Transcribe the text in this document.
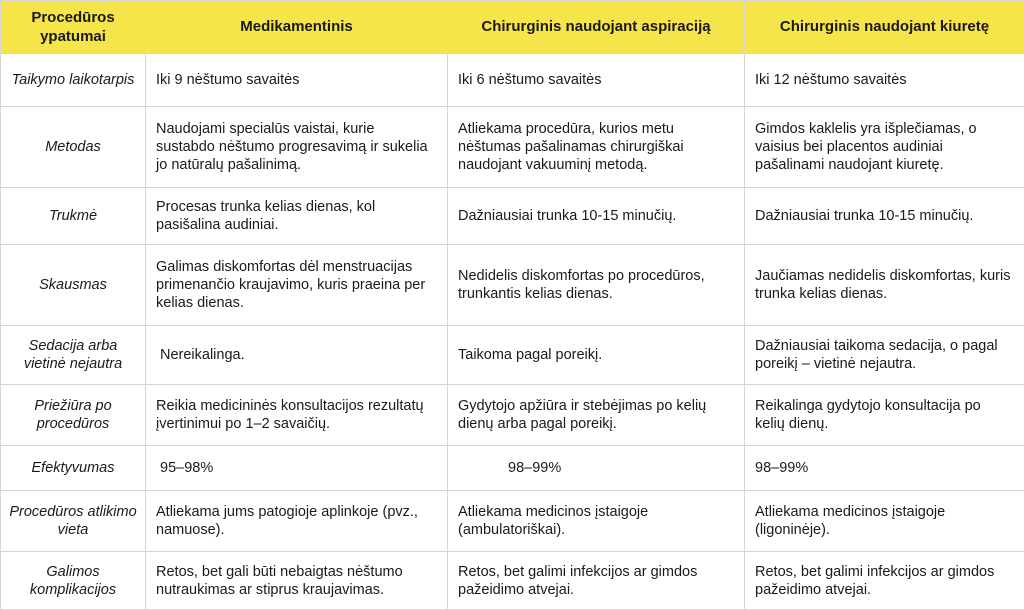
Procedūros ypatumai	Medikamentinis	Chirurginis naudojant aspiraciją	Chirurginis naudojant kiuretę
Taikymo laikotarpis	Iki 9 nėštumo savaitės	Iki 6 nėštumo savaitės	Iki 12 nėštumo savaitės
Metodas	Naudojami specialūs vaistai, kurie sustabdo nėštumo progresavimą ir sukelia jo natūralų pašalinimą.	Atliekama procedūra, kurios metu nėštumas pašalinamas chirurgiškai naudojant vakuuminį metodą.	Gimdos kaklelis yra išplečiamas, o vaisius bei placentos audiniai pašalinami naudojant kiuretę.
Trukmė	Procesas trunka kelias dienas, kol pasišalina audiniai.	Dažniausiai trunka 10-15 minučių.	Dažniausiai trunka 10-15 minučių.
Skausmas	Galimas diskomfortas dėl menstruacijas primenančio kraujavimo, kuris praeina per kelias dienas.	Nedidelis diskomfortas po procedūros, trunkantis kelias dienas.	Jaučiamas nedidelis diskomfortas, kuris trunka kelias dienas.
Sedacija arba vietinė nejautra	Nereikalinga.	Taikoma pagal poreikį.	Dažniausiai taikoma sedacija, o pagal poreikį – vietinė nejautra.
Priežiūra po procedūros	Reikia medicininės konsultacijos rezultatų įvertinimui po 1–2 savaičių.	Gydytojo apžiūra ir stebėjimas po kelių dienų arba pagal poreikį.	Reikalinga gydytojo konsultacija po kelių dienų.
Efektyvumas	95–98%	98–99%	98–99%
Procedūros atlikimo vieta	Atliekama jums patogioje aplinkoje (pvz., namuose).	Atliekama medicinos įstaigoje (ambulatoriškai).	Atliekama medicinos įstaigoje (ligoninėje).
Galimos komplikacijos	Retos, bet gali būti nebaigtas nėštumo nutraukimas ar stiprus kraujavimas.	Retos, bet galimi infekcijos ar gimdos pažeidimo atvejai.	Retos, bet galimi infekcijos ar gimdos pažeidimo atvejai.
